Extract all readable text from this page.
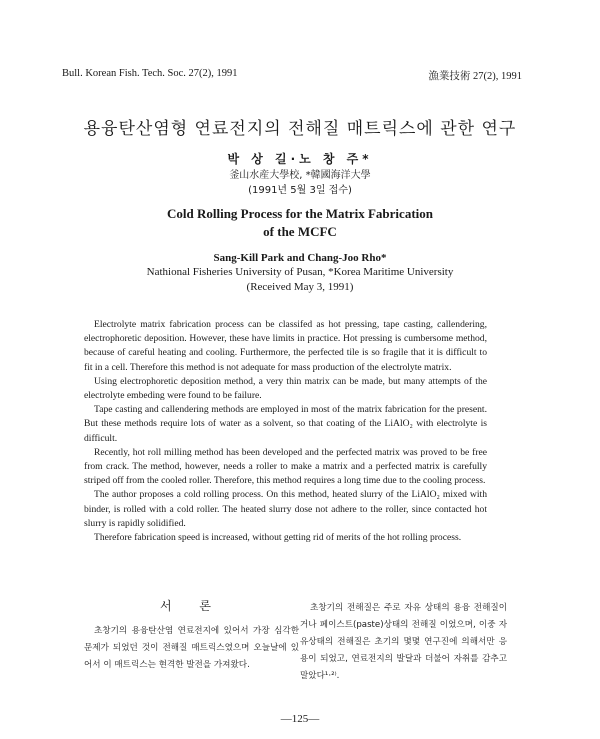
Bull. Korean Fish. Tech. Soc. 27(2), 1991	漁業技術 27(2), 1991
용융탄산염형 연료전지의 전해질 매트릭스에 관한 연구
박 상 길·노 창 주*
釜山水産大學校, *韓國海洋大學
(1991년 5월 3일 접수)
Cold Rolling Process for the Matrix Fabrication
of the MCFC
Sang-Kill Park and Chang-Joo Rho*
Nathional Fisheries University of Pusan, *Korea Maritime University
(Received May 3, 1991)

Electrolyte matrix fabrication process can be classifed as hot pressing, tape casting, callendering, electrophoretic deposition. However, these have limits in practice. Hot pressing is cumbersome method, because of careful heating and cooling. Furthermore, the perfected tile is so fragile that it is difficult to fit in a cell. Therefore this method is not adequate for mass production of the electrolyte matrix.

Using electrophoretic deposition method, a very thin matrix can be made, but many attempts of the electrolyte embeding were found to be failure.

Tape casting and callendering methods are employed in most of the matrix fabrication for the present. But these methods require lots of water as a solvent, so that coating of the LiAlO₂ with electrolyte is difficult.

Recently, hot roll milling method has been developed and the perfected matrix was proved to be free from crack. The method, however, needs a roller to make a matrix and a perfected matrix is carefully striped off from the cooled roller. Therefore, this method requires a long time due to the cooling process.

The author proposes a cold rolling process. On this method, heated slurry of the LiAlO₂ mixed with binder, is rolled with a cold roller. The heated slurry dose not adhere to the roller, since contacted hot slurry is rapidly solidified.

Therefore fabrication speed is increased, without getting rid of merits of the hot rolling process.

서 론

초창기의 용융탄산염 연료전지에 있어서 가장 심각한 문제가 되었던 것이 전해질 매트릭스였으며 오늘날에 있어서 이 매트릭스는 현격한 발전을 가져왔다.

초창기의 전해질은 주로 자유 상태의 용융 전해질이거나 페이스트(paste)상태의 전해질 이었으며, 이중 자유상태의 전해질은 초기의 몇몇 연구진에 의해서만 응용이 되었고, 연료전지의 발달과 더불어 자취를 감추고 말았다¹·²⁾.

—125—
